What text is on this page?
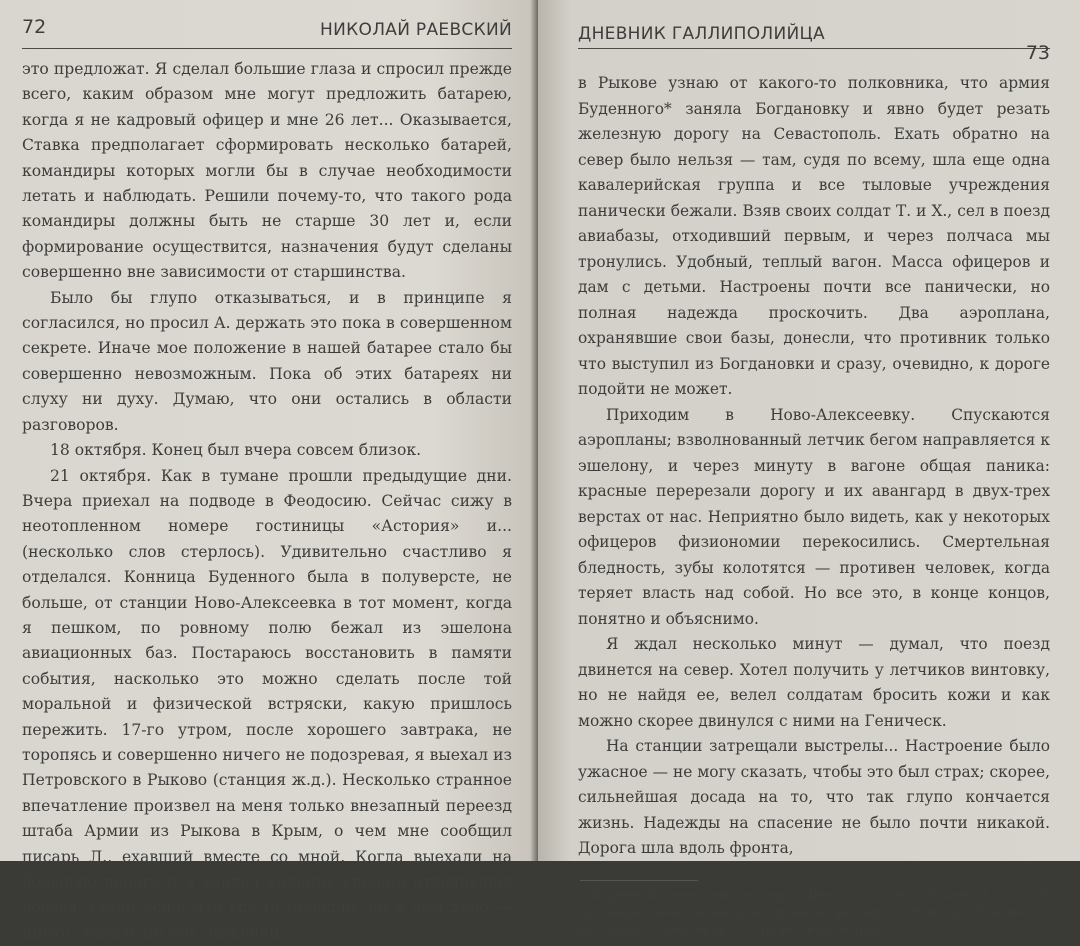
72	НИКОЛАЙ РАЕВСКИЙ

это предложат. Я сделал большие глаза и спросил прежде всего, каким образом мне могут предложить батарею, когда я не кадровый офицер и мне 26 лет... Оказывается, Ставка предполагает сформировать несколько батарей, командиры которых могли бы в случае необходимости летать и наблюдать. Решили почему-то, что такого рода командиры должны быть не старше 30 лет и, если формирование осуществится, назначения будут сделаны совершенно вне зависимости от старшинства.

Было бы глупо отказываться, и в принципе я согласился, но просил А. держать это пока в совершенном секрете. Иначе мое положение в нашей батарее стало бы совершенно невозможным. Пока об этих батареях ни слуху ни духу. Думаю, что они остались в области разговоров.

18 октября. Конец был вчера совсем близок.

21 октября. Как в тумане прошли предыдущие дни. Вчера приехал на подводе в Феодосию. Сейчас сижу в неотопленном номере гостиницы «Астория» и... (несколько слов стерлось). Удивительно счастливо я отделался. Конница Буденного была в полуверсте, не больше, от станции Ново-Алексеевка в тот момент, когда я пешком, по ровному полю бежал из эшелона авиационных баз. Постараюсь восстановить в памяти события, насколько это можно сделать после той моральной и физической встряски, какую пришлось пережить. 17-го утром, после хорошего завтрака, не торопясь и совершенно ничего не подозревая, я выехал из Петровского в Рыково (станция ж.д.). Несколько странное впечатление произвел на меня только внезапный переезд штаба Армии из Рыкова в Крым, о чем мне сообщил писарь Л., exавший вместе со мной. Когда выехали на большую дорогу и я увидел колонну спешно отходивших обозов, стало ясно, что где-то неладно, но в чем дело — никто сказать не мог. Наконец

ДНЕВНИК ГАЛЛИПОЛИЙЦА
73

в Рыкове узнаю от какого-то полковника, что армия Буденного* заняла Богдановку и явно будет резать железную дорогу на Севастополь. Ехать обратно на север было нельзя — там, судя по всему, шла еще одна кавалерийская группа и все тыловые учреждения панически бежали. Взяв своих солдат Т. и Х., сел в поезд авиабазы, отходивший первым, и через полчаса мы тронулись. Удобный, теплый вагон. Масса офицеров и дам с детьми. Настроены почти все панически, но полная надежда проскочить. Два аэроплана, охранявшие свои базы, донесли, что противник только что выступил из Богдановки и сразу, очевидно, к дороге подойти не может.

Приходим в Ново-Алексеевку. Спускаются аэропланы; взволнованный летчик бегом направляется к эшелону, и через минуту в вагоне общая паника: красные перерезали дорогу и их авангард в двух-трех верстах от нас. Неприятно было видеть, как у некоторых офицеров физиономии перекосились. Смертельная бледность, зубы колотятся — противен человек, когда теряет власть над собой. Но все это, в конце концов, понятно и объяснимо.

Я ждал несколько минут — думал, что поезд двинется на север. Хотел получить у летчиков винтовку, но не найдя ее, велел солдатам бросить кожи и как можно скорее двинулся с ними на Геническ.

На станции затрещали выстрелы... Настроение было ужасное — не могу сказать, чтобы это был страх; скорее, сильнейшая досада на то, что так глупо кончается жизнь. Надежды на спасение не было почти никакой. Дорога шла вдоль фронта,

* Буденный переправился через Днепр, пользуясь туманной погодой, сделавшей невозможной воздушную разведку. Этим и объясняется внезапность появления его армии в нашем тылу.
